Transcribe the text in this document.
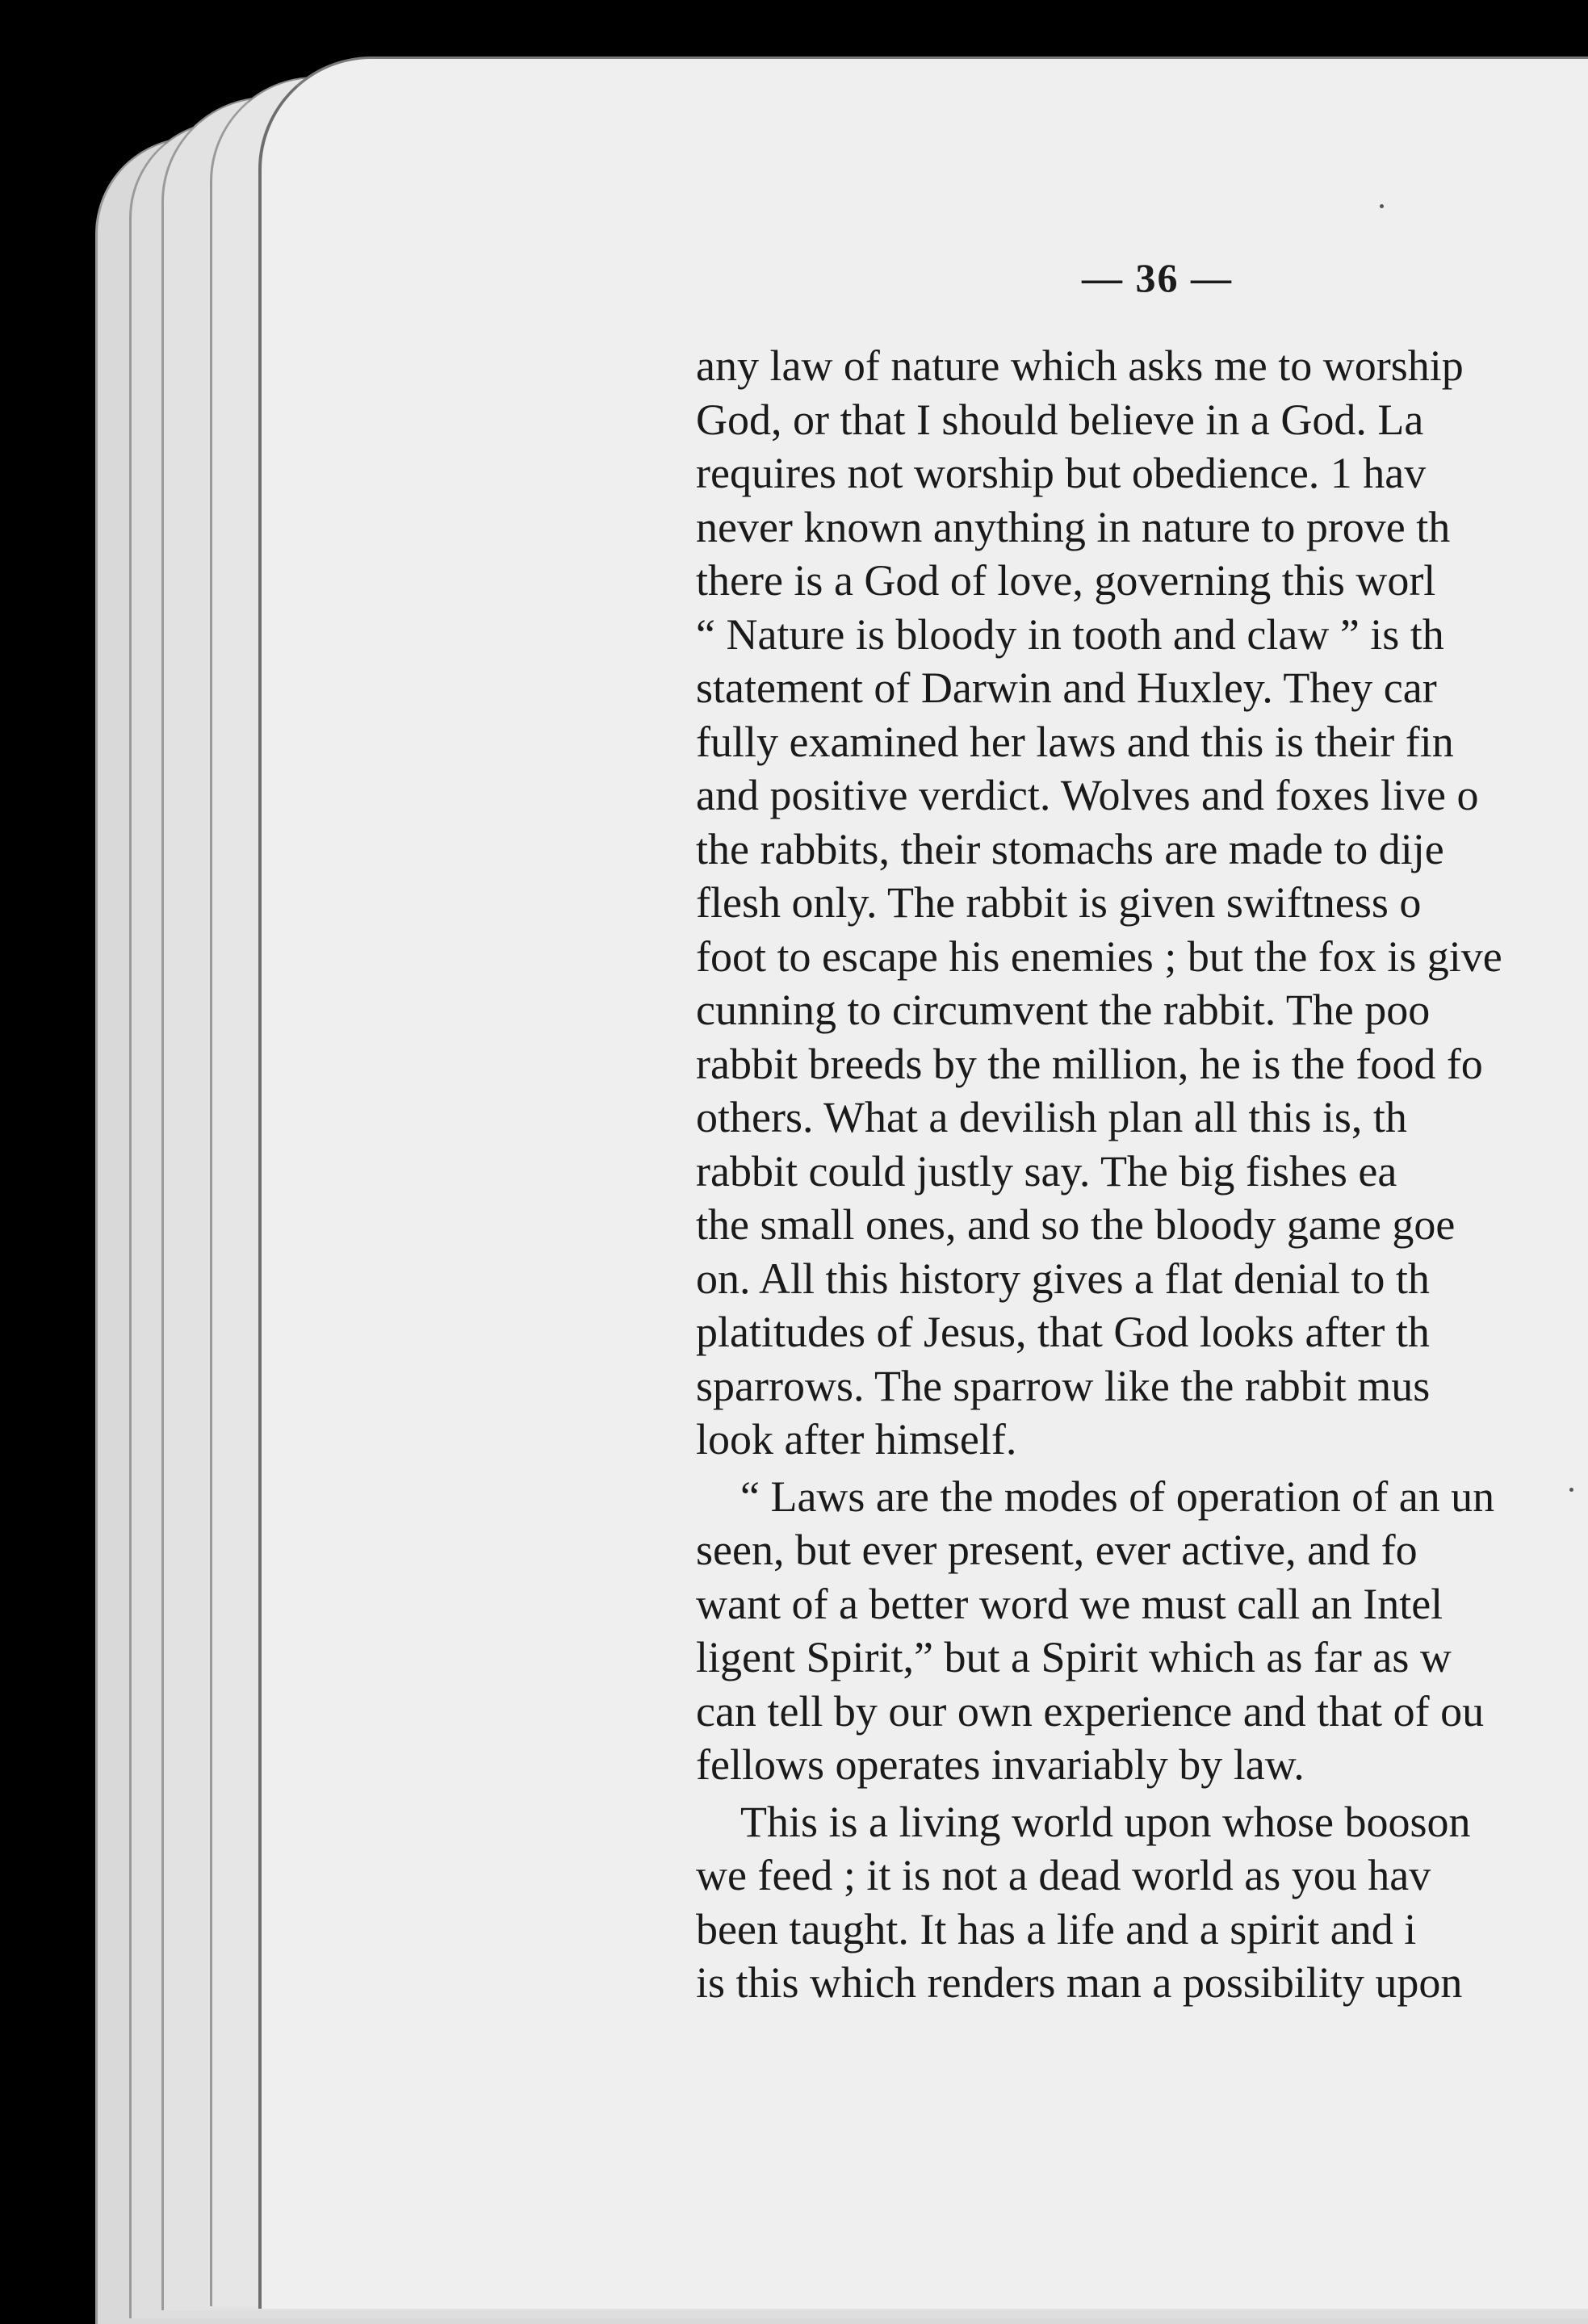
— 36 —
any law of nature which asks me to worship
God, or that I should believe in a God. La
requires not worship but obedience. 1 hav
never known anything in nature to prove th
there is a God of love, governing this worl
“ Nature is bloody in tooth and claw ” is th
statement of Darwin and Huxley. They car
fully examined her laws and this is their fin
and positive verdict. Wolves and foxes live o
the rabbits, their stomachs are made to dije
flesh only. The rabbit is given swiftness o
foot to escape his enemies ; but the fox is give
cunning to circumvent the rabbit. The poo
rabbit breeds by the million, he is the food fo
others. What a devilish plan all this is, th
rabbit could justly say. The big fishes ea
the small ones, and so the bloody game goe
on. All this history gives a flat denial to th
platitudes of Jesus, that God looks after th
sparrows. The sparrow like the rabbit mus
look after himself.
“ Laws are the modes of operation of an un
seen, but ever present, ever active, and fo
want of a better word we must call an Intel
ligent Spirit,” but a Spirit which as far as w
can tell by our own experience and that of ou
fellows operates invariably by law.
This is a living world upon whose booson
we feed ; it is not a dead world as you hav
been taught. It has a life and a spirit and i
is this which renders man a possibility upon
